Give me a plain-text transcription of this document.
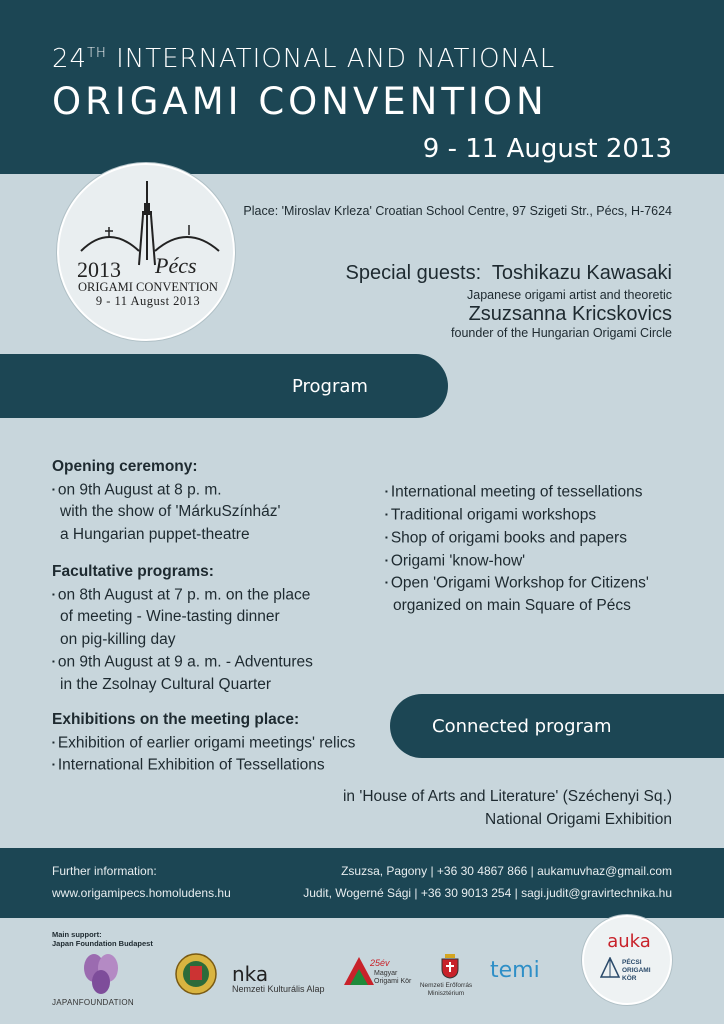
24TH INTERNATIONAL AND NATIONAL
ORIGAMI CONVENTION
9 - 11 August 2013
Pécs
2013
ORIGAMI CONVENTION
9 - 11 August 2013
Place: 'Miroslav Krleza' Croatian School Centre, 97 Szigeti Str., Pécs, H-7624
Special guests: Toshikazu Kawasaki
Japanese origami artist and theoretic
Zsuzsanna Kricskovics
founder of the Hungarian Origami Circle
Program
Opening ceremony:
▪ on 9th August at 8 p. m.
with the show of 'MárkuSzínház'
a Hungarian puppet-theatre
Facultative programs:
▪ on 8th August at 7 p. m. on the place
of meeting - Wine-tasting dinner
on pig-killing day
▪ on 9th August at 9 a. m. - Adventures
in the Zsolnay Cultural Quarter
Exhibitions on the meeting place:
▪ Exhibition of earlier origami meetings' relics
▪ International Exhibition of Tessellations
▪ International meeting of tessellations
▪ Traditional origami workshops
▪ Shop of origami books and papers
▪ Origami 'know-how'
▪ Open 'Origami Workshop for Citizens'
organized on main Square of Pécs
Connected program
in 'House of Arts and Literature' (Széchenyi Sq.)
National Origami Exhibition
Further information:
www.origamipecs.homoludens.hu
Zsuzsa, Pagony | +36 30 4867 866 | aukamuvhaz@gmail.com
Judit, Wogerné Sági | +36 30 9013 254 | sagi.judit@gravirtechnika.hu
Main support:
Japan Foundation Budapest
JAPANFOUNDATION
nka
Nemzeti Kulturális Alap
25év
Magyar Origami Kör
Nemzeti Erőforrás Minisztérium
temi
auka
PÉCSI ORIGAMI KÖR
